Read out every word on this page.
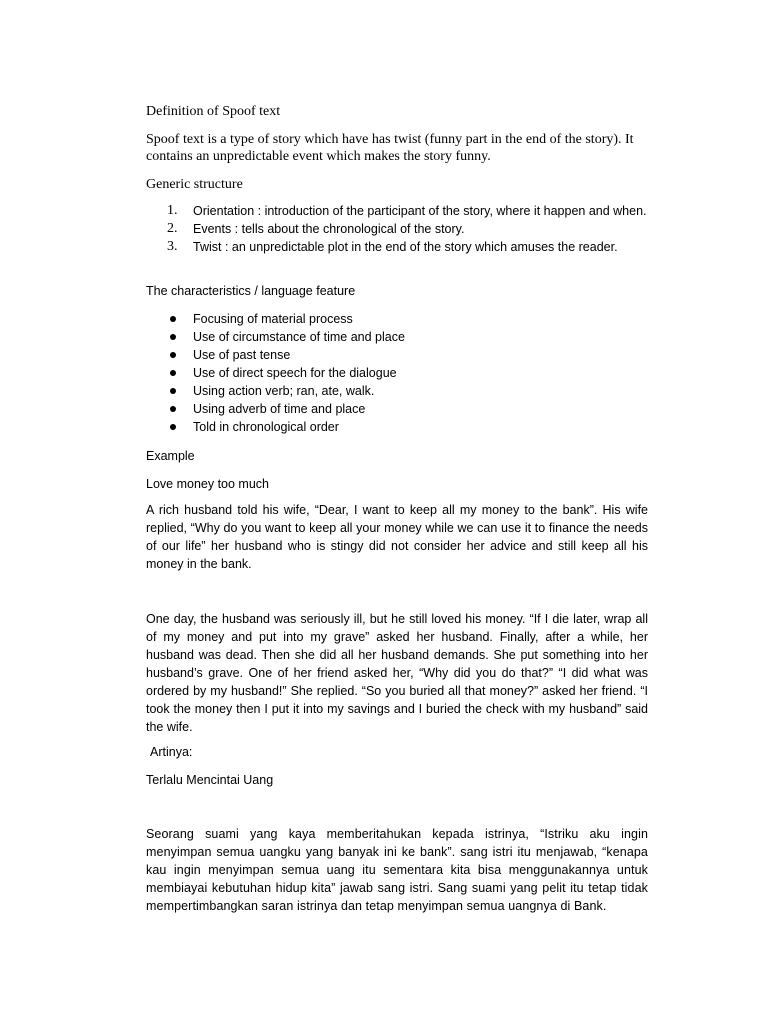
Definition of Spoof text

Spoof text is a type of story which have has twist (funny part in the end of the story). It contains an unpredictable event which makes the story funny.

Generic structure

1. Orientation : introduction of the participant of the story, where it happen and when.
2. Events : tells about the chronological of the story.
3. Twist : an unpredictable plot in the end of the story which amuses the reader.

The characteristics / language feature

Focusing of material process
Use of circumstance of time and place
Use of past tense
Use of direct speech for the dialogue
Using action verb; ran, ate, walk.
Using adverb of time and place
Told in chronological order

Example

Love money too much

A rich husband told his wife, “Dear, I want to keep all my money to the bank”. His wife replied, “Why do you want to keep all your money while we can use it to finance the needs of our life” her husband who is stingy did not consider her advice and still keep all his money in the bank.

One day, the husband was seriously ill, but he still loved his money. “If I die later, wrap all of my money and put into my grave” asked her husband. Finally, after a while, her husband was dead. Then she did all her husband demands. She put something into her husband’s grave. One of her friend asked her, “Why did you do that?” “I did what was ordered by my husband!” She replied. “So you buried all that money?” asked her friend. “I took the money then I put it into my savings and I buried the check with my husband” said the wife.

Artinya:

Terlalu Mencintai Uang

Seorang suami yang kaya memberitahukan kepada istrinya, “Istriku aku ingin menyimpan semua uangku yang banyak ini ke bank”. sang istri itu menjawab, “kenapa kau ingin menyimpan semua uang itu sementara kita bisa menggunakannya untuk membiayai kebutuhan hidup kita” jawab sang istri. Sang suami yang pelit itu tetap tidak mempertimbangkan saran istrinya dan tetap menyimpan semua uangnya di Bank.
